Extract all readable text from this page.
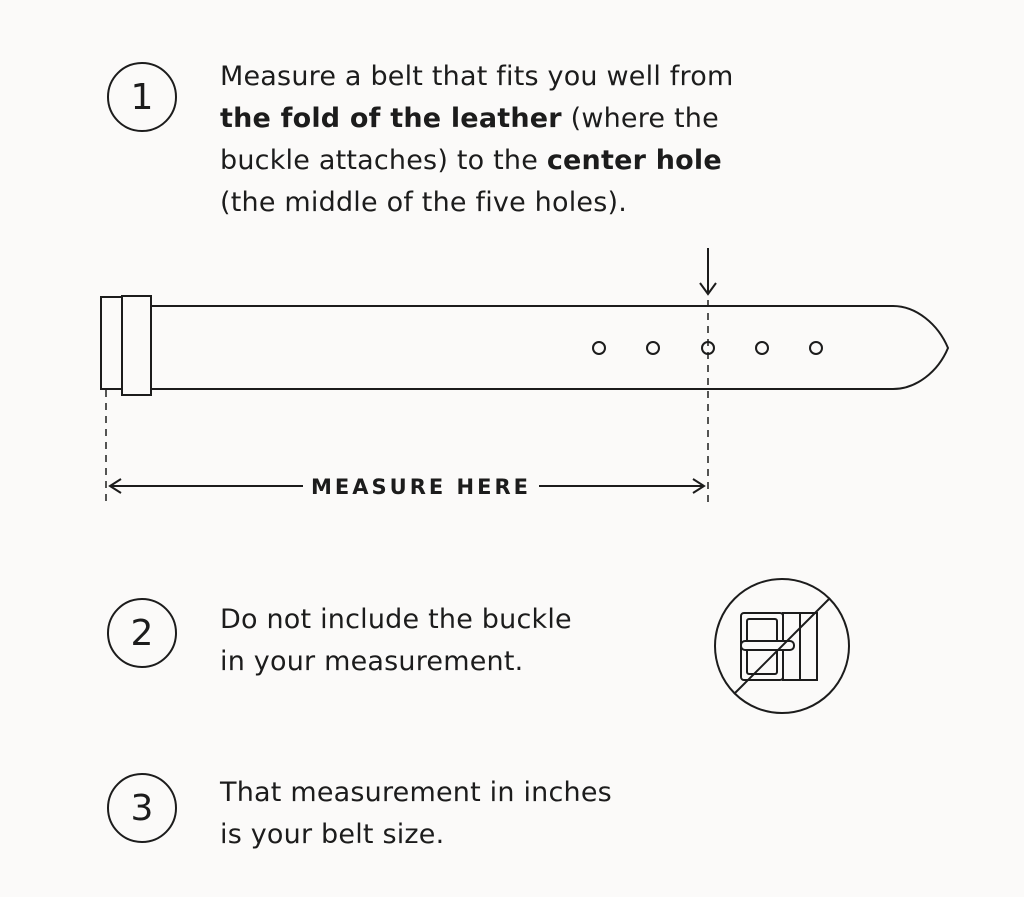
1
2
3
Measure a belt that fits you well from
the fold of the leather (where the
buckle attaches) to the center hole
(the middle of the five holes).
Do not include the buckle
in your measurement.
That measurement in inches
is your belt size.
MEASURE HERE
